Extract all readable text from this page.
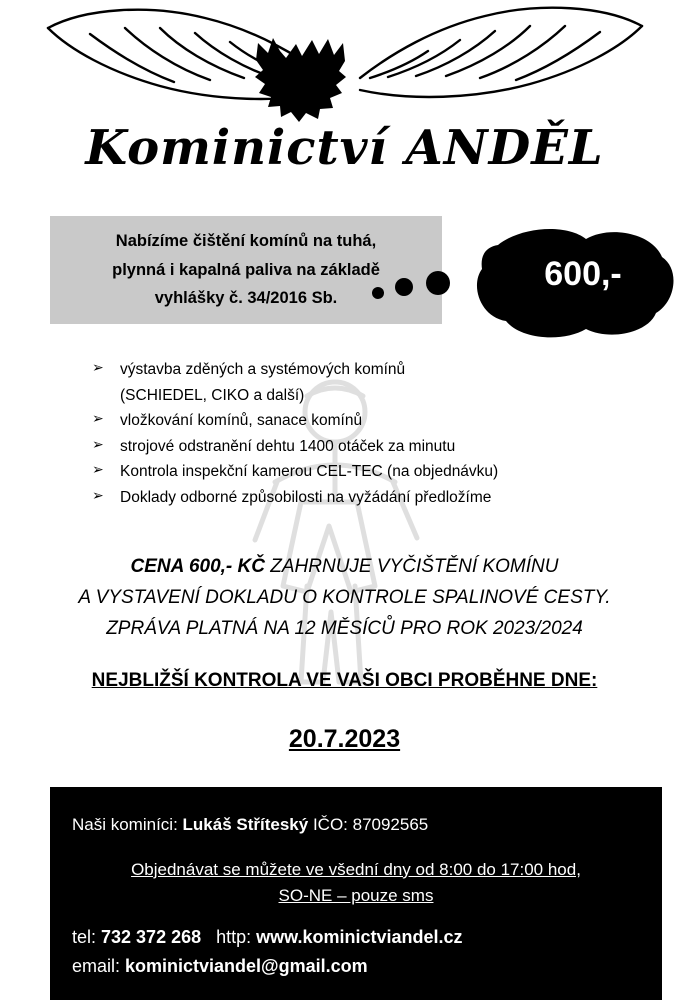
Kominictví ANDĚL
Nabízíme čištění komínů na tuhá,
plynná i kapalná paliva na základě
vyhlášky č. 34/2016 Sb.
600,-
➢	výstavba zděných a systémových komínů
(SCHIEDEL, CIKO a další)
➢	vložkování komínů, sanace komínů
➢	strojové odstranění dehtu 1400 otáček za minutu
➢	Kontrola inspekční kamerou CEL-TEC (na objednávku)
➢	Doklady odborné způsobilosti na vyžádání předložíme
CENA 600,- KČ ZAHRNUJE VYČIŠTĚNÍ KOMÍNU
A VYSTAVENÍ DOKLADU O KONTROLE SPALINOVÉ CESTY.
ZPRÁVA PLATNÁ NA 12 MĚSÍCŮ PRO ROK 2023/2024
NEJBLIŽŠÍ KONTROLA VE VAŠI OBCI PROBĚHNE DNE:
20.7.2023
Naši kominíci: Lukáš Stříteský IČO: 87092565
Objednávat se můžete ve všední dny od 8:00 do 17:00 hod,
SO-NE – pouze sms
tel: 732 372 268 http: www.kominictviandel.cz
email: kominictviandel@gmail.com
